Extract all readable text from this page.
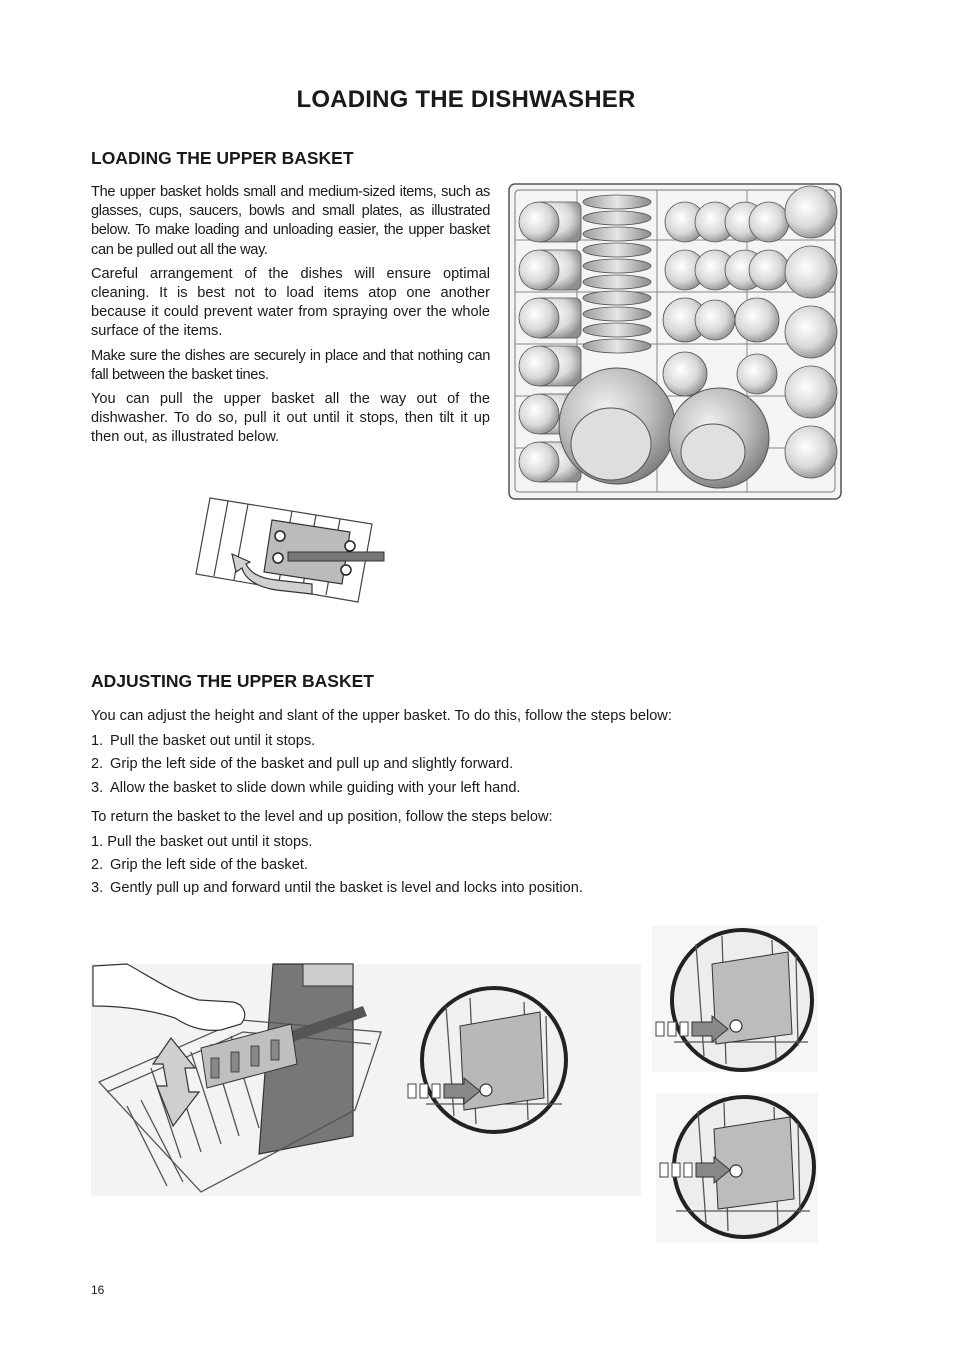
LOADING THE DISHWASHER
LOADING THE UPPER BASKET
The upper basket holds small and medium-sized items, such as glasses, cups, saucers, bowls and small plates, as illustrated below. To make loading and unloading easier, the upper basket can be pulled out all the way.
Careful arrangement of the dishes will ensure optimal cleaning. It is best not to load items atop one another because it could prevent water from spraying over the whole surface of the items.
Make sure the dishes are securely in place and that nothing can fall between the basket tines.
You can pull the upper basket all the way out of the dishwasher. To do so, pull it out until it stops, then tilt it up then out, as illustrated below.
ADJUSTING THE UPPER BASKET
You can adjust the height and slant of the upper basket. To do this, follow the steps below:
1. Pull the basket out until it stops.
2. Grip the left side of the basket and pull up and slightly forward.
3. Allow the basket to slide down while guiding with your left hand.
To return the basket to the level and up position, follow the steps below:
1. Pull the basket out until it stops.
2. Grip the left side of the basket.
3. Gently pull up and forward until the basket is level and locks into position.
16
